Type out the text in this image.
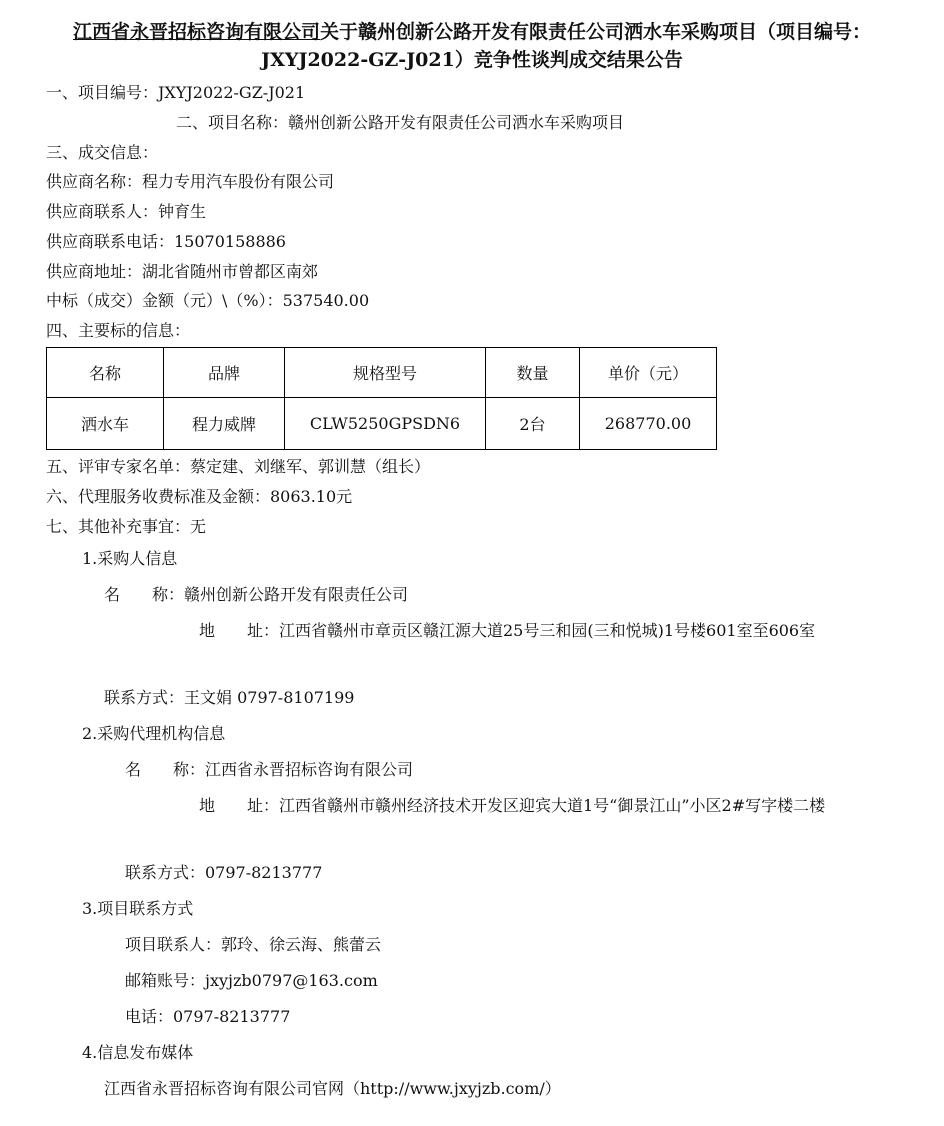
江西省永晋招标咨询有限公司关于赣州创新公路开发有限责任公司洒水车采购项目（项目编号：JXYJ2022-GZ-J021）竞争性谈判成交结果公告
一、项目编号：JXYJ2022-GZ-J021
二、项目名称：赣州创新公路开发有限责任公司洒水车采购项目
三、成交信息：
供应商名称：程力专用汽车股份有限公司
供应商联系人：钟育生
供应商联系电话：15070158886
供应商地址：湖北省随州市曾都区南郊
中标（成交）金额（元）\（%）：537540.00
四、主要标的信息：
名称	品牌	规格型号	数量	单价（元）
洒水车	程力威牌	CLW5250GPSDN6	2台	268770.00
五、评审专家名单：蔡定建、刘继军、郭训慧（组长）
六、代理服务收费标准及金额：8063.10元
七、其他补充事宜：无
1.采购人信息
名　　称：赣州创新公路开发有限责任公司
地　　址：江西省赣州市章贡区赣江源大道25号三和园(三和悦城)1号楼601室至606室
联系方式：王文娟 0797-8107199
2.采购代理机构信息
名　　称：江西省永晋招标咨询有限公司
地　　址：江西省赣州市赣州经济技术开发区迎宾大道1号“御景江山”小区2#写字楼二楼
联系方式：0797-8213777
3.项目联系方式
项目联系人：郭玲、徐云海、熊蕾云
邮箱账号：jxyjzb0797@163.com
电话：0797-8213777
4.信息发布媒体
江西省永晋招标咨询有限公司官网（http://www.jxyjzb.com/）
